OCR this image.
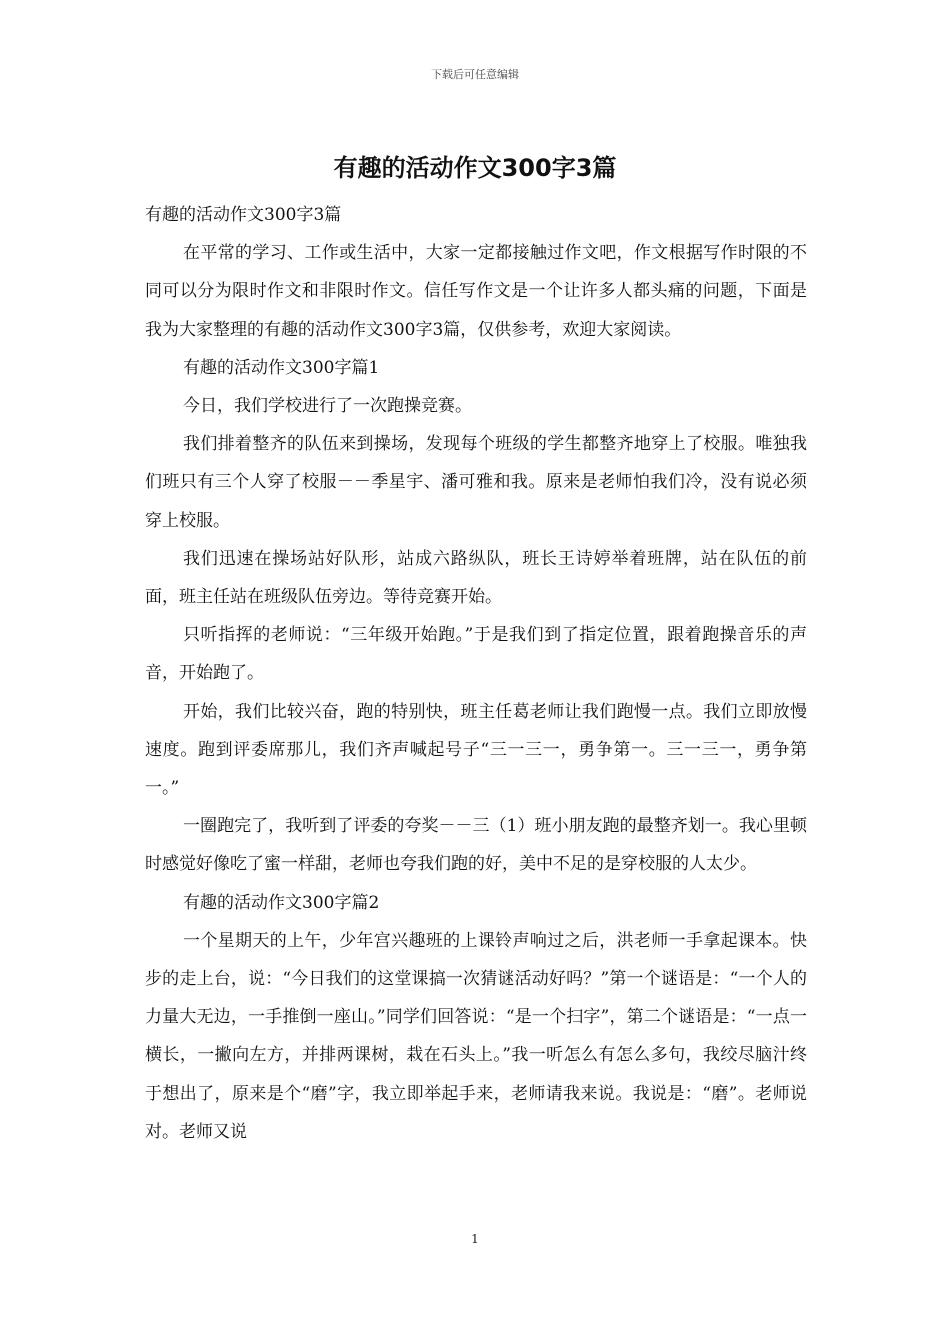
下载后可任意编辑
有趣的活动作文300字3篇

有趣的活动作文300字3篇

在平常的学习、工作或生活中，大家一定都接触过作文吧，作文根据写作时限的不同可以分为限时作文和非限时作文。信任写作文是一个让许多人都头痛的问题，下面是我为大家整理的有趣的活动作文300字3篇，仅供参考，欢迎大家阅读。

有趣的活动作文300字篇1

今日，我们学校进行了一次跑操竞赛。

我们排着整齐的队伍来到操场，发现每个班级的学生都整齐地穿上了校服。唯独我们班只有三个人穿了校服－－季星宇、潘可雅和我。原来是老师怕我们冷，没有说必须穿上校服。

我们迅速在操场站好队形，站成六路纵队，班长王诗婷举着班牌，站在队伍的前面，班主任站在班级队伍旁边。等待竞赛开始。

只听指挥的老师说：“三年级开始跑。”于是我们到了指定位置，跟着跑操音乐的声音，开始跑了。

开始，我们比较兴奋，跑的特别快，班主任葛老师让我们跑慢一点。我们立即放慢速度。跑到评委席那儿，我们齐声喊起号子“三一三一，勇争第一。三一三一，勇争第一。”

一圈跑完了，我听到了评委的夸奖－－三（1）班小朋友跑的最整齐划一。我心里顿时感觉好像吃了蜜一样甜，老师也夸我们跑的好，美中不足的是穿校服的人太少。

有趣的活动作文300字篇2

一个星期天的上午，少年宫兴趣班的上课铃声响过之后，洪老师一手拿起课本。快步的走上台，说：“今日我们的这堂课搞一次猜谜活动好吗？”第一个谜语是：“一个人的力量大无边，一手推倒一座山。”同学们回答说：“是一个扫字”，第二个谜语是：“一点一横长，一撇向左方，并排两课树，栽在石头上。”我一听怎么有怎么多句，我绞尽脑汁终于想出了，原来是个“磨”字，我立即举起手来，老师请我来说。我说是：“磨”。老师说对。老师又说

1
